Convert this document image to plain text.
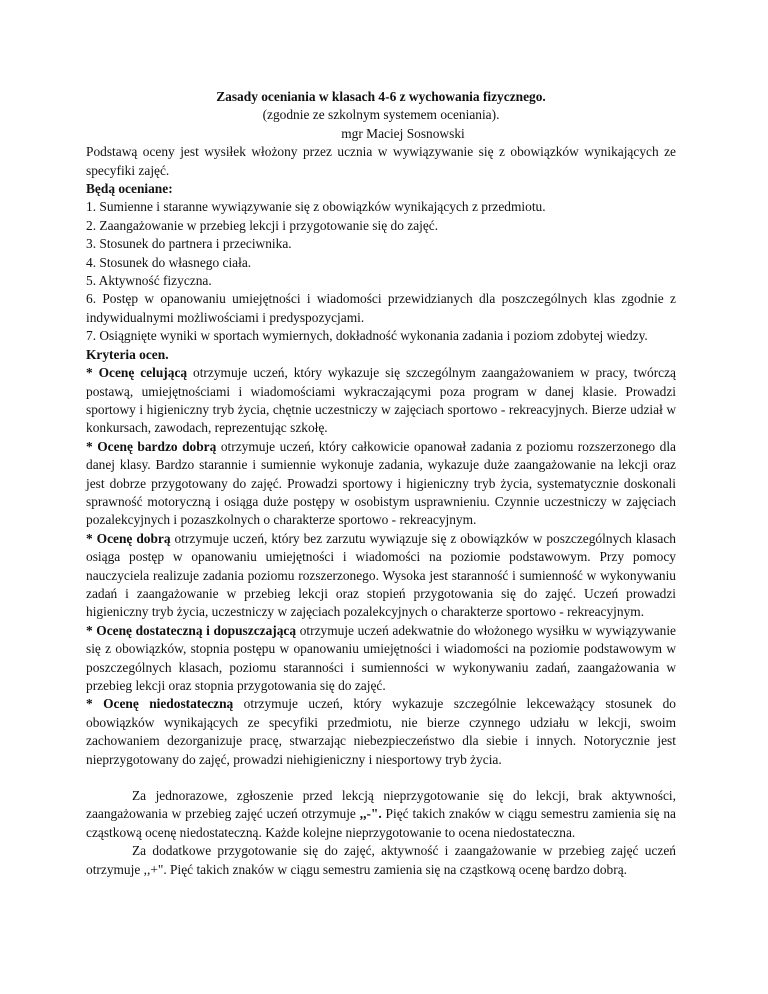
Zasady oceniania w klasach 4-6 z wychowania fizycznego.

(zgodnie ze szkolnym systemem oceniania).

mgr Maciej Sosnowski

Podstawą oceny jest wysiłek włożony przez ucznia w wywiązywanie się z obowiązków wynikających ze specyfiki zajęć.

Będą oceniane:

1. Sumienne i staranne wywiązywanie się z obowiązków wynikających z przedmiotu.

2. Zaangażowanie w przebieg lekcji i przygotowanie się do zajęć.

3. Stosunek do partnera i przeciwnika.

4. Stosunek do własnego ciała.

5. Aktywność fizyczna.

6. Postęp w opanowaniu umiejętności i wiadomości przewidzianych dla poszczególnych klas zgodnie z indywidualnymi możliwościami i predyspozycjami.

7. Osiągnięte wyniki w sportach wymiernych, dokładność wykonania zadania i poziom zdobytej wiedzy.

Kryteria ocen.

* Ocenę celującą otrzymuje uczeń, który wykazuje się szczególnym zaangażowaniem w pracy, twórczą postawą, umiejętnościami i wiadomościami wykraczającymi poza program w danej klasie. Prowadzi sportowy i higieniczny tryb życia, chętnie uczestniczy w zajęciach sportowo - rekreacyjnych. Bierze udział w konkursach, zawodach, reprezentując szkołę.

* Ocenę bardzo dobrą otrzymuje uczeń, który całkowicie opanował zadania z poziomu rozszerzonego dla danej klasy. Bardzo starannie i sumiennie wykonuje zadania, wykazuje duże zaangażowanie na lekcji oraz jest dobrze przygotowany do zajęć. Prowadzi sportowy i higieniczny tryb życia, systematycznie doskonali sprawność motoryczną i osiąga duże postępy w osobistym usprawnieniu. Czynnie uczestniczy w zajęciach pozalekcyjnych i pozaszkolnych o charakterze sportowo - rekreacyjnym.

* Ocenę dobrą otrzymuje uczeń, który bez zarzutu wywiązuje się z obowiązków w poszczególnych klasach osiąga postęp w opanowaniu umiejętności i wiadomości na poziomie podstawowym. Przy pomocy nauczyciela realizuje zadania poziomu rozszerzonego. Wysoka jest staranność i sumienność w wykonywaniu zadań i zaangażowanie w przebieg lekcji oraz stopień przygotowania się do zajęć. Uczeń prowadzi higieniczny tryb życia, uczestniczy w zajęciach pozalekcyjnych o charakterze sportowo - rekreacyjnym.

* Ocenę dostateczną i dopuszczającą otrzymuje uczeń adekwatnie do włożonego wysiłku w wywiązywanie się z obowiązków, stopnia postępu w opanowaniu umiejętności i wiadomości na poziomie podstawowym w poszczególnych klasach, poziomu staranności i sumienności w wykonywaniu zadań, zaangażowania w przebieg lekcji oraz stopnia przygotowania się do zajęć.

* Ocenę niedostateczną otrzymuje uczeń, który wykazuje szczególnie lekceważący stosunek do obowiązków wynikających ze specyfiki przedmiotu, nie bierze czynnego udziału w lekcji, swoim zachowaniem dezorganizuje pracę, stwarzając niebezpieczeństwo dla siebie i innych. Notorycznie jest nieprzygotowany do zajęć, prowadzi niehigieniczny i niesportowy tryb życia.

Za jednorazowe, zgłoszenie przed lekcją nieprzygotowanie się do lekcji, brak aktywności, zaangażowania w przebieg zajęć uczeń otrzymuje ,,-". Pięć takich znaków w ciągu semestru zamienia się na cząstkową ocenę niedostateczną. Każde kolejne nieprzygotowanie to ocena niedostateczna.

Za dodatkowe przygotowanie się do zajęć, aktywność i zaangażowanie w przebieg zajęć uczeń otrzymuje ,,+". Pięć takich znaków w ciągu semestru zamienia się na cząstkową ocenę bardzo dobrą.
